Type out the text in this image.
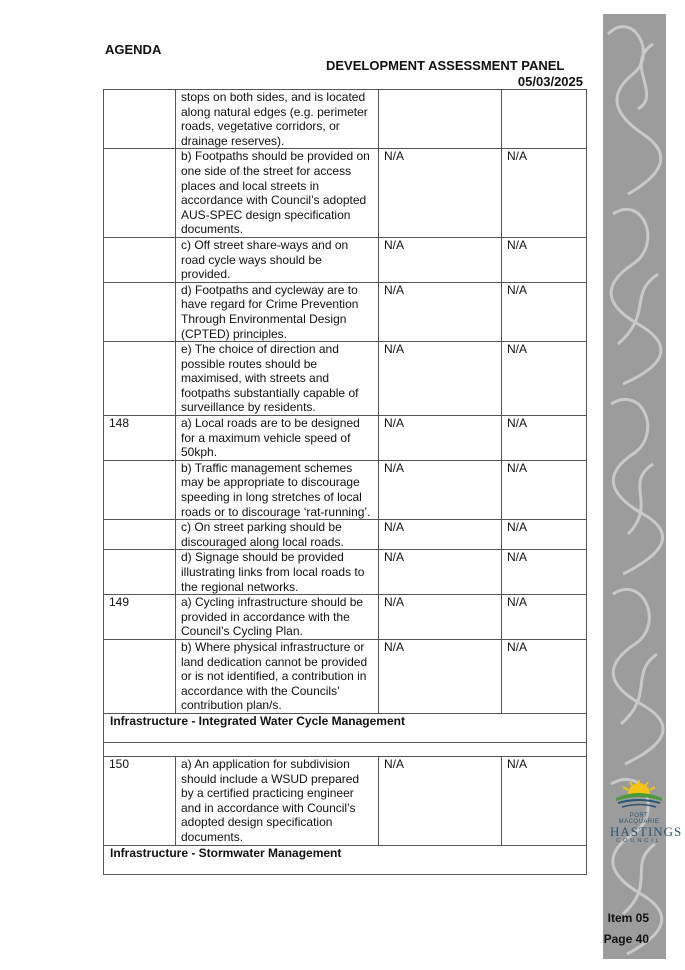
AGENDA
DEVELOPMENT ASSESSMENT PANEL
05/03/2025
	stops on both sides, and is located along natural edges (e.g. perimeter roads, vegetative corridors, or drainage reserves).		
	b) Footpaths should be provided on one side of the street for access places and local streets in accordance with Council’s adopted AUS-SPEC design specification documents.	N/A	N/A
	c) Off street share-ways and on road cycle ways should be provided.	N/A	N/A
	d) Footpaths and cycleway are to have regard for Crime Prevention Through Environmental Design (CPTED) principles.	N/A	N/A
	e) The choice of direction and possible routes should be maximised, with streets and footpaths substantially capable of surveillance by residents.	N/A	N/A
148	a) Local roads are to be designed for a maximum vehicle speed of 50kph.	N/A	N/A
	b) Traffic management schemes may be appropriate to discourage speeding in long stretches of local roads or to discourage ‘rat-running’.	N/A	N/A
	c) On street parking should be discouraged along local roads.	N/A	N/A
	d) Signage should be provided illustrating links from local roads to the regional networks.	N/A	N/A
149	a) Cycling infrastructure should be provided in accordance with the Council’s Cycling Plan.	N/A	N/A
	b) Where physical infrastructure or land dedication cannot be provided or is not identified, a contribution in accordance with the Councils’ contribution plan/s.	N/A	N/A
Infrastructure - Integrated Water Cycle Management			

150	a) An application for subdivision should include a WSUD prepared by a certified practicing engineer and in accordance with Council’s adopted design specification documents.	N/A	N/A
Infrastructure - Stormwater Management			
PORT MACQUARIE
HASTINGS
COUNCIL
Item 05
Page 40
